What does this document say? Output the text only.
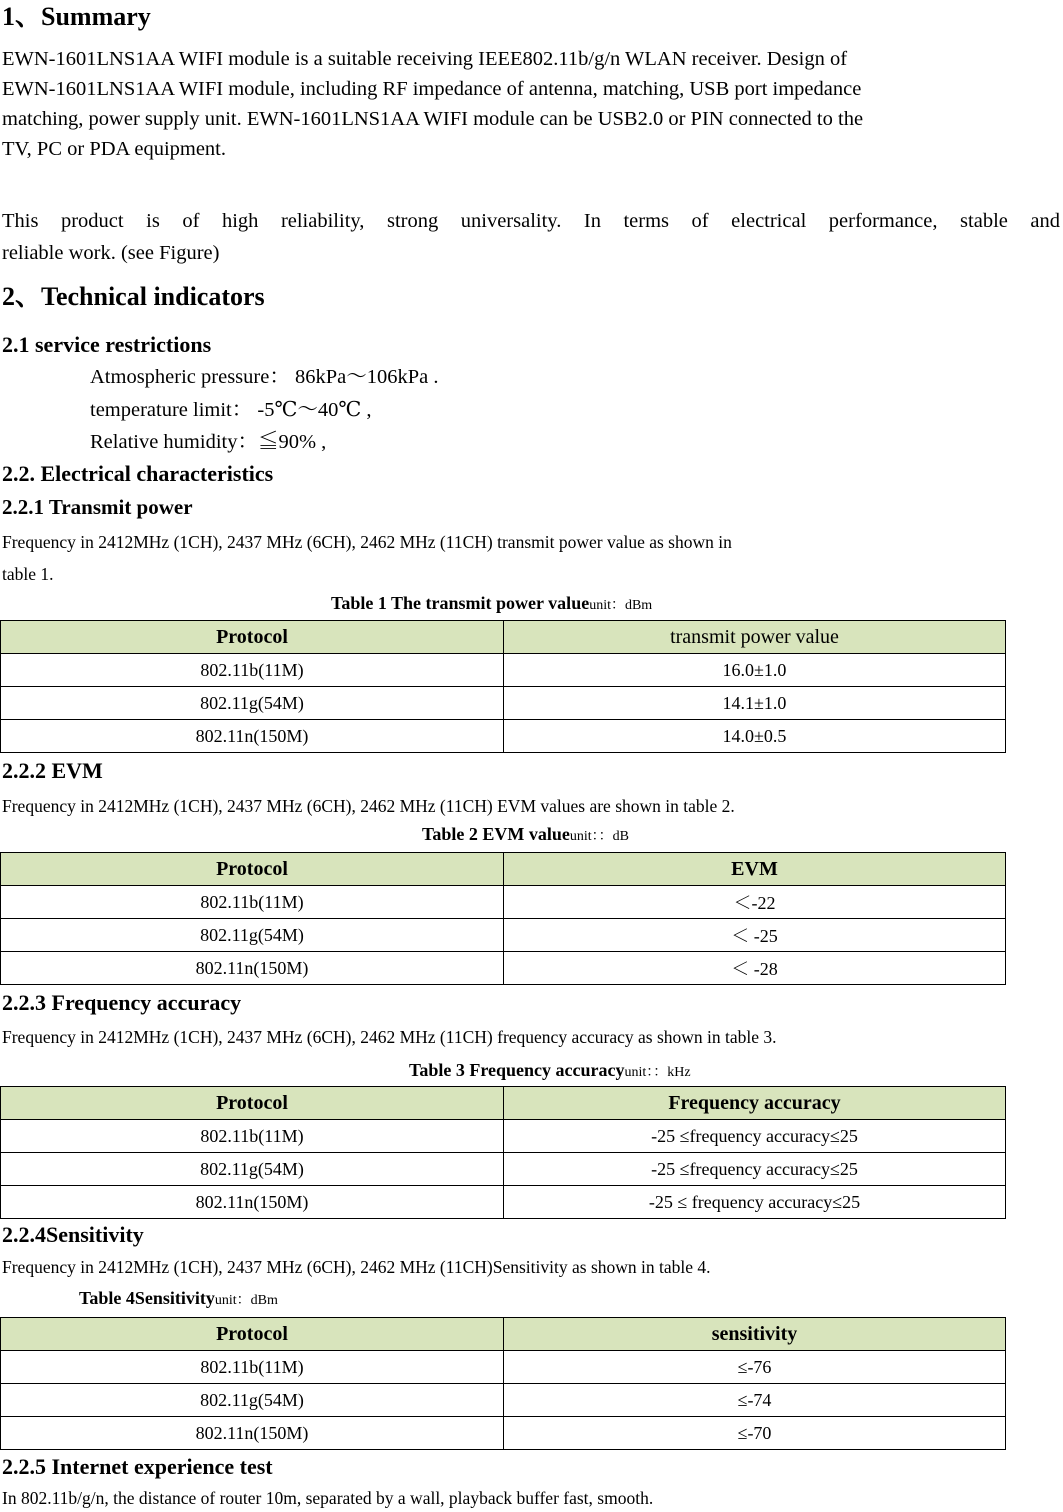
1、Summary
EWN-1601LNS1AA WIFI module is a suitable receiving IEEE802.11b/g/n WLAN receiver. Design of
EWN-1601LNS1AA WIFI module, including RF impedance of antenna, matching, USB port impedance
matching, power supply unit. EWN-1601LNS1AA WIFI module can be USB2.0 or PIN connected to the
TV, PC or PDA equipment.
This product is of high reliability, strong universality. In terms of electrical performance, stable and
reliable work. (see Figure)
2、Technical indicators
2.1 service restrictions
Atmospheric pressure： 86kPa～106kPa .
temperature limit： -5℃～40℃ ,
Relative humidity：≦90% ,
2.2. Electrical characteristics
2.2.1 Transmit power
Frequency in 2412MHz (1CH), 2437 MHz (6CH), 2462 MHz (11CH) transmit power value as shown in
table 1.
Table 1 The transmit power valueunit：dBm
Protocol	transmit power value
802.11b(11M)	16.0±1.0
802.11g(54M)	14.1±1.0
802.11n(150M)	14.0±0.5
2.2.2 EVM
Frequency in 2412MHz (1CH), 2437 MHz (6CH), 2462 MHz (11CH) EVM values are shown in table 2.
Table 2 EVM valueunit：：dB
Protocol	EVM
802.11b(11M)	＜-22
802.11g(54M)	＜ -25
802.11n(150M)	＜ -28
2.2.3 Frequency accuracy
Frequency in 2412MHz (1CH), 2437 MHz (6CH), 2462 MHz (11CH) frequency accuracy as shown in table 3.
Table 3 Frequency accuracyunit：：kHz
Protocol	Frequency accuracy
802.11b(11M)	-25 ≤frequency accuracy≤25
802.11g(54M)	-25 ≤frequency accuracy≤25
802.11n(150M)	-25 ≤ frequency accuracy≤25
2.2.4Sensitivity
Frequency in 2412MHz (1CH), 2437 MHz (6CH), 2462 MHz (11CH)Sensitivity as shown in table 4.
Table 4Sensitivityunit：dBm
Protocol	sensitivity
802.11b(11M)	≤-76
802.11g(54M)	≤-74
802.11n(150M)	≤-70
2.2.5 Internet experience test
In 802.11b/g/n, the distance of router 10m, separated by a wall, playback buffer fast, smooth.
